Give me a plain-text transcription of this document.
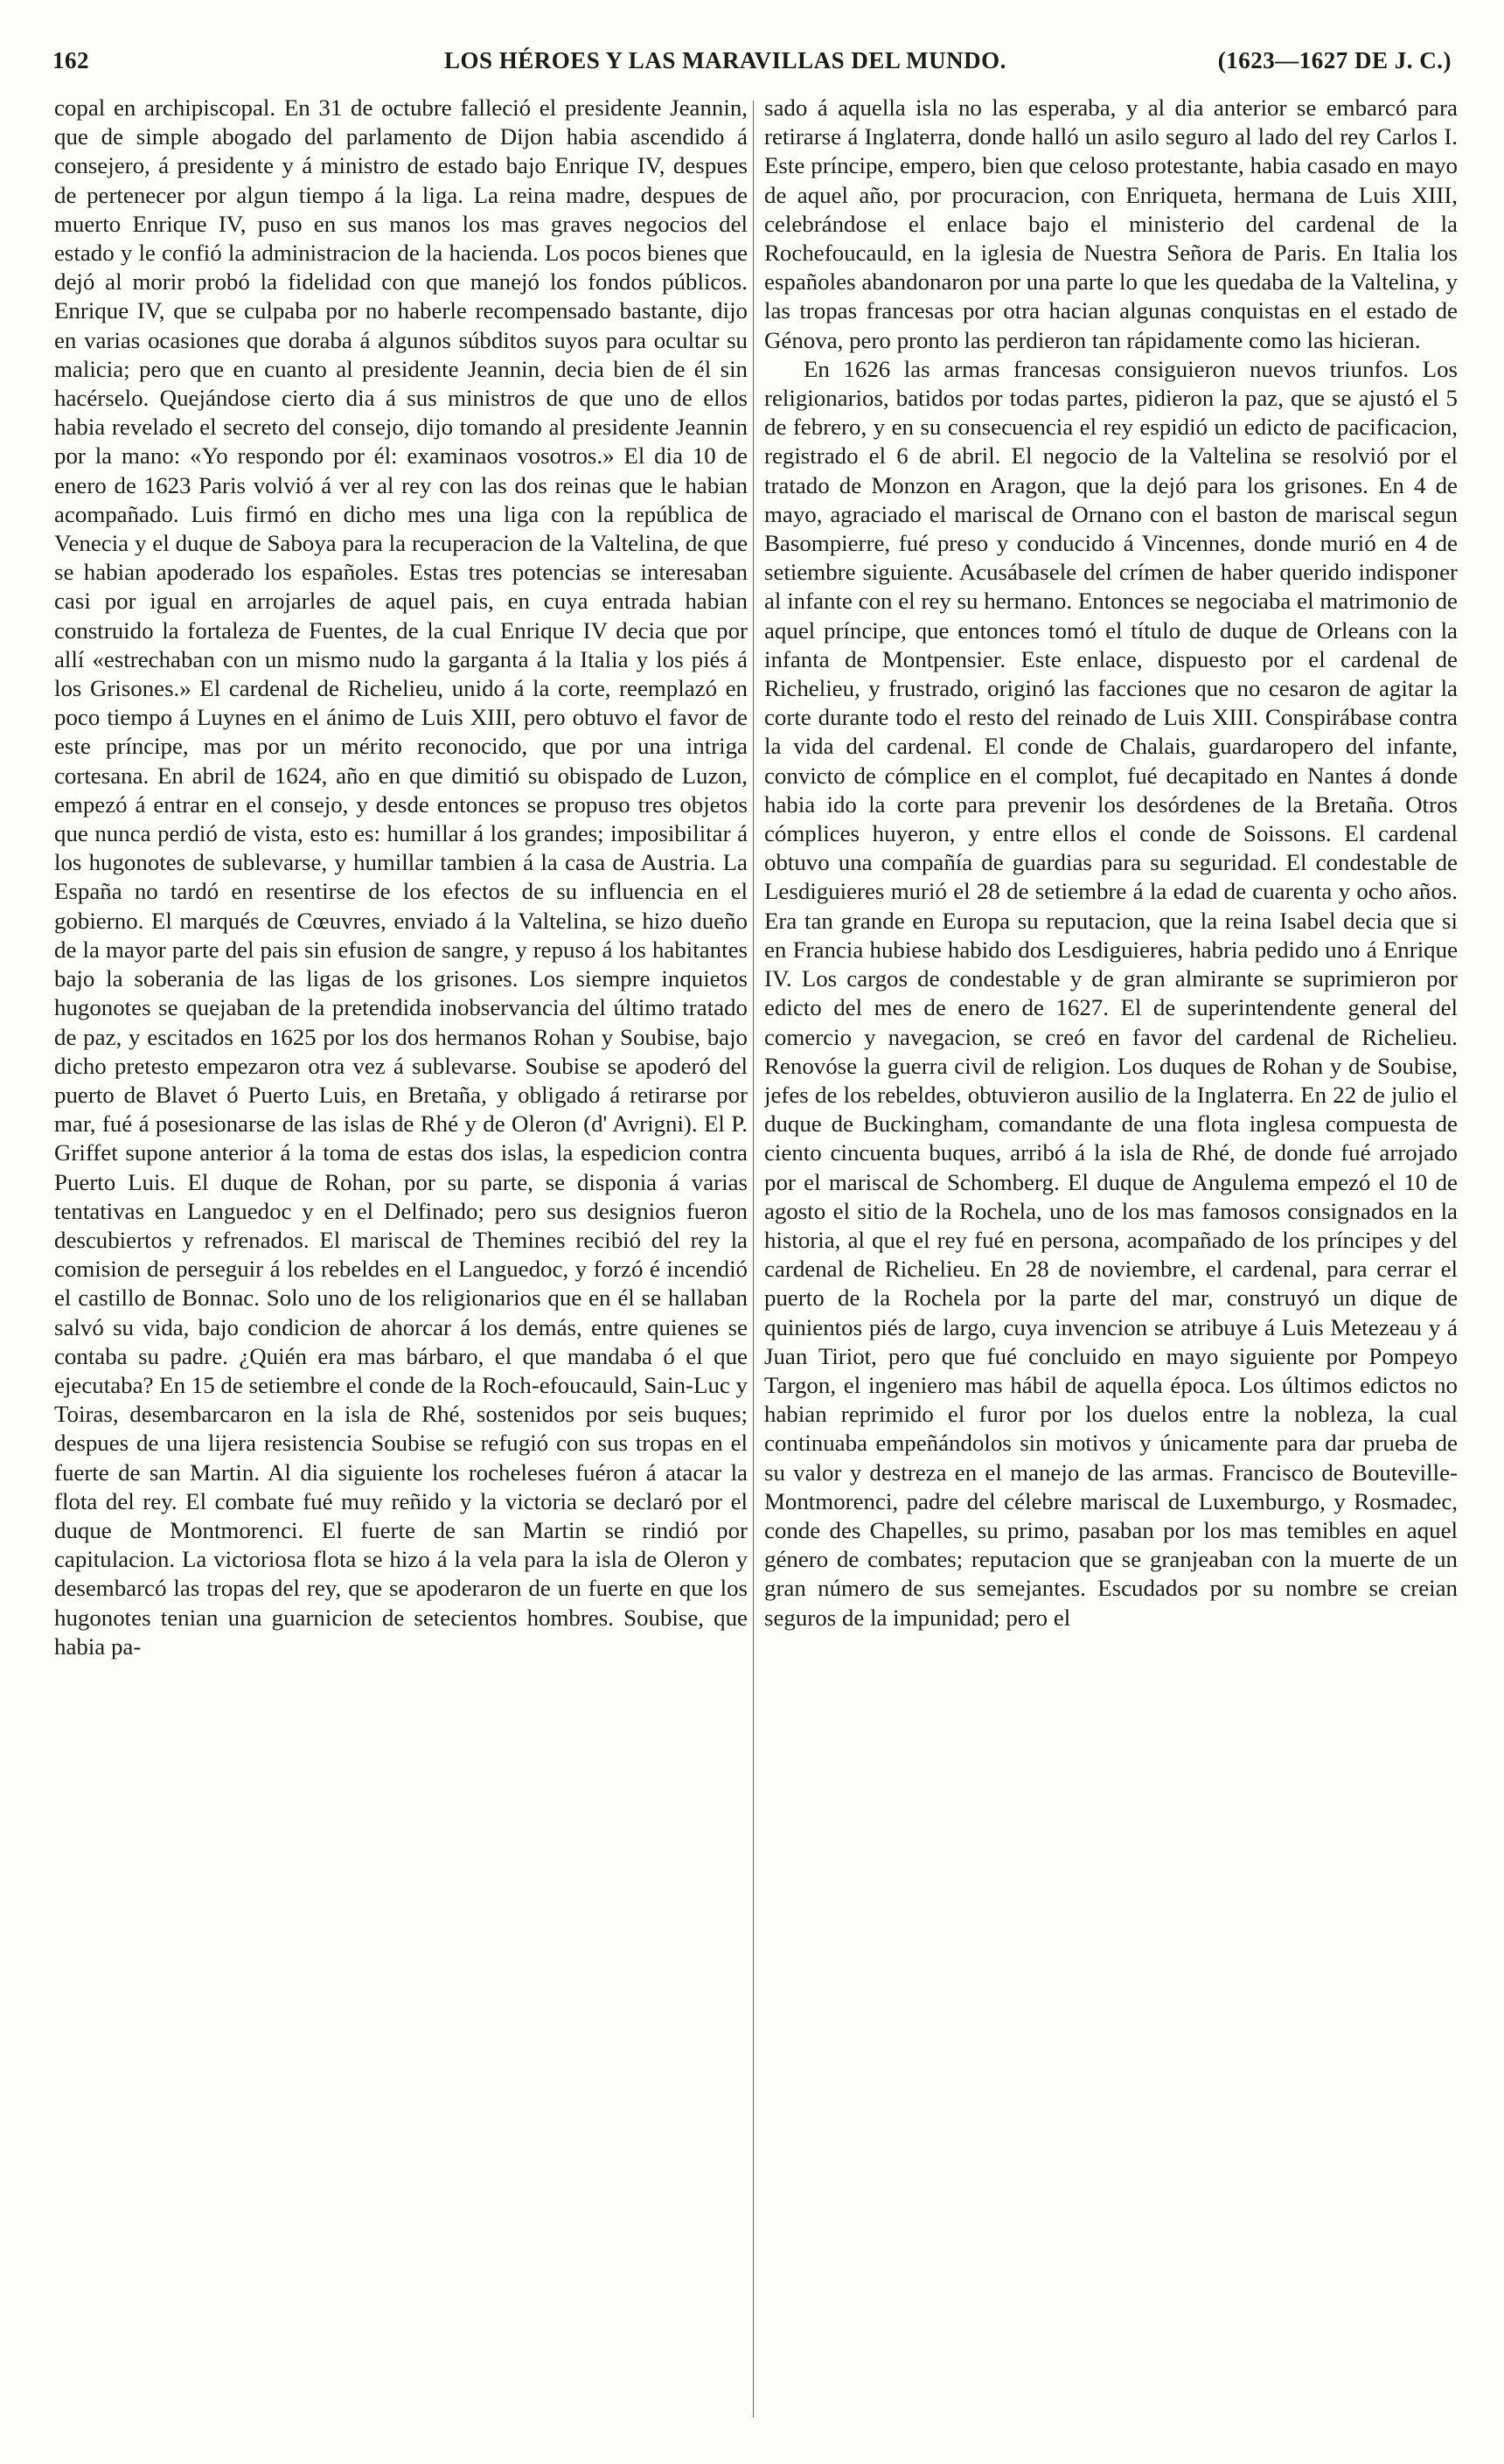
162	LOS HÉROES Y LAS MARAVILLAS DEL MUNDO.	(1623—1627 DE J. C.)

copal en archipiscopal. En 31 de octubre falleció el presidente Jeannin, que de simple abogado del parlamento de Dijon habia ascendido á consejero, á presidente y á ministro de estado bajo Enrique IV, despues de pertenecer por algun tiempo á la liga. La reina madre, despues de muerto Enrique IV, puso en sus manos los mas graves negocios del estado y le confió la administracion de la hacienda. Los pocos bienes que dejó al morir probó la fidelidad con que manejó los fondos públicos. Enrique IV, que se culpaba por no haberle recompensado bastante, dijo en varias ocasiones que doraba á algunos súbditos suyos para ocultar su malicia; pero que en cuanto al presidente Jeannin, decia bien de él sin hacérselo. Quejándose cierto dia á sus ministros de que uno de ellos habia revelado el secreto del consejo, dijo tomando al presidente Jeannin por la mano: «Yo respondo por él: examinaos vosotros.» El dia 10 de enero de 1623 Paris volvió á ver al rey con las dos reinas que le habian acompañado. Luis firmó en dicho mes una liga con la república de Venecia y el duque de Saboya para la recuperacion de la Valtelina, de que se habian apoderado los españoles. Estas tres potencias se interesaban casi por igual en arrojarles de aquel pais, en cuya entrada habian construido la fortaleza de Fuentes, de la cual Enrique IV decia que por allí «estrechaban con un mismo nudo la garganta á la Italia y los piés á los Grisones.» El cardenal de Richelieu, unido á la corte, reemplazó en poco tiempo á Luynes en el ánimo de Luis XIII, pero obtuvo el favor de este príncipe, mas por un mérito reconocido, que por una intriga cortesana. En abril de 1624, año en que dimitió su obispado de Luzon, empezó á entrar en el consejo, y desde entonces se propuso tres objetos que nunca perdió de vista, esto es: humillar á los grandes; imposibilitar á los hugonotes de sublevarse, y humillar tambien á la casa de Austria. La España no tardó en resentirse de los efectos de su influencia en el gobierno. El marqués de Cœuvres, enviado á la Valtelina, se hizo dueño de la mayor parte del pais sin efusion de sangre, y repuso á los habitantes bajo la soberania de las ligas de los grisones. Los siempre inquietos hugonotes se quejaban de la pretendida inobservancia del último tratado de paz, y escitados en 1625 por los dos hermanos Rohan y Soubise, bajo dicho pretesto empezaron otra vez á sublevarse. Soubise se apoderó del puerto de Blavet ó Puerto Luis, en Bretaña, y obligado á retirarse por mar, fué á posesionarse de las islas de Rhé y de Oleron (d' Avrigni). El P. Griffet supone anterior á la toma de estas dos islas, la espedicion contra Puerto Luis. El duque de Rohan, por su parte, se disponia á varias tentativas en Languedoc y en el Delfinado; pero sus designios fueron descubiertos y refrenados. El mariscal de Themines recibió del rey la comision de perseguir á los rebeldes en el Languedoc, y forzó é incendió el castillo de Bonnac. Solo uno de los religionarios que en él se hallaban salvó su vida, bajo condicion de ahorcar á los demás, entre quienes se contaba su padre. ¿Quién era mas bárbaro, el que mandaba ó el que ejecutaba? En 15 de setiembre el conde de la Roch-efoucauld, Sain-Luc y Toiras, desembarcaron en la isla de Rhé, sostenidos por seis buques; despues de una lijera resistencia Soubise se refugió con sus tropas en el fuerte de san Martin. Al dia siguiente los rocheleses fuéron á atacar la flota del rey. El combate fué muy reñido y la victoria se declaró por el duque de Montmorenci. El fuerte de san Martin se rindió por capitulacion. La victoriosa flota se hizo á la vela para la isla de Oleron y desembarcó las tropas del rey, que se apoderaron de un fuerte en que los hugonotes tenian una guarnicion de setecientos hombres. Soubise, que habia pa-

sado á aquella isla no las esperaba, y al dia anterior se embarcó para retirarse á Inglaterra, donde halló un asilo seguro al lado del rey Carlos I. Este príncipe, empero, bien que celoso protestante, habia casado en mayo de aquel año, por procuracion, con Enriqueta, hermana de Luis XIII, celebrándose el enlace bajo el ministerio del cardenal de la Rochefoucauld, en la iglesia de Nuestra Señora de Paris. En Italia los españoles abandonaron por una parte lo que les quedaba de la Valtelina, y las tropas francesas por otra hacian algunas conquistas en el estado de Génova, pero pronto las perdieron tan rápidamente como las hicieran.

En 1626 las armas francesas consiguieron nuevos triunfos. Los religionarios, batidos por todas partes, pidieron la paz, que se ajustó el 5 de febrero, y en su consecuencia el rey espidió un edicto de pacificacion, registrado el 6 de abril. El negocio de la Valtelina se resolvió por el tratado de Monzon en Aragon, que la dejó para los grisones. En 4 de mayo, agraciado el mariscal de Ornano con el baston de mariscal segun Basompierre, fué preso y conducido á Vincennes, donde murió en 4 de setiembre siguiente. Acusábasele del crímen de haber querido indisponer al infante con el rey su hermano. Entonces se negociaba el matrimonio de aquel príncipe, que entonces tomó el título de duque de Orleans con la infanta de Montpensier. Este enlace, dispuesto por el cardenal de Richelieu, y frustrado, originó las facciones que no cesaron de agitar la corte durante todo el resto del reinado de Luis XIII. Conspirábase contra la vida del cardenal. El conde de Chalais, guardaropero del infante, convicto de cómplice en el complot, fué decapitado en Nantes á donde habia ido la corte para prevenir los desórdenes de la Bretaña. Otros cómplices huyeron, y entre ellos el conde de Soissons. El cardenal obtuvo una compañía de guardias para su seguridad. El condestable de Lesdiguieres murió el 28 de setiembre á la edad de cuarenta y ocho años. Era tan grande en Europa su reputacion, que la reina Isabel decia que si en Francia hubiese habido dos Lesdiguieres, habria pedido uno á Enrique IV. Los cargos de condestable y de gran almirante se suprimieron por edicto del mes de enero de 1627. El de superintendente general del comercio y navegacion, se creó en favor del cardenal de Richelieu. Renovóse la guerra civil de religion. Los duques de Rohan y de Soubise, jefes de los rebeldes, obtuvieron ausilio de la Inglaterra. En 22 de julio el duque de Buckingham, comandante de una flota inglesa compuesta de ciento cincuenta buques, arribó á la isla de Rhé, de donde fué arrojado por el mariscal de Schomberg. El duque de Angulema empezó el 10 de agosto el sitio de la Rochela, uno de los mas famosos consignados en la historia, al que el rey fué en persona, acompañado de los príncipes y del cardenal de Richelieu. En 28 de noviembre, el cardenal, para cerrar el puerto de la Rochela por la parte del mar, construyó un dique de quinientos piés de largo, cuya invencion se atribuye á Luis Metezeau y á Juan Tiriot, pero que fué concluido en mayo siguiente por Pompeyo Targon, el ingeniero mas hábil de aquella época. Los últimos edictos no habian reprimido el furor por los duelos entre la nobleza, la cual continuaba empeñándolos sin motivos y únicamente para dar prueba de su valor y destreza en el manejo de las armas. Francisco de Bouteville-Montmorenci, padre del célebre mariscal de Luxemburgo, y Rosmadec, conde des Chapelles, su primo, pasaban por los mas temibles en aquel género de combates; reputacion que se granjeaban con la muerte de un gran número de sus semejantes. Escudados por su nombre se creian seguros de la impunidad; pero el
